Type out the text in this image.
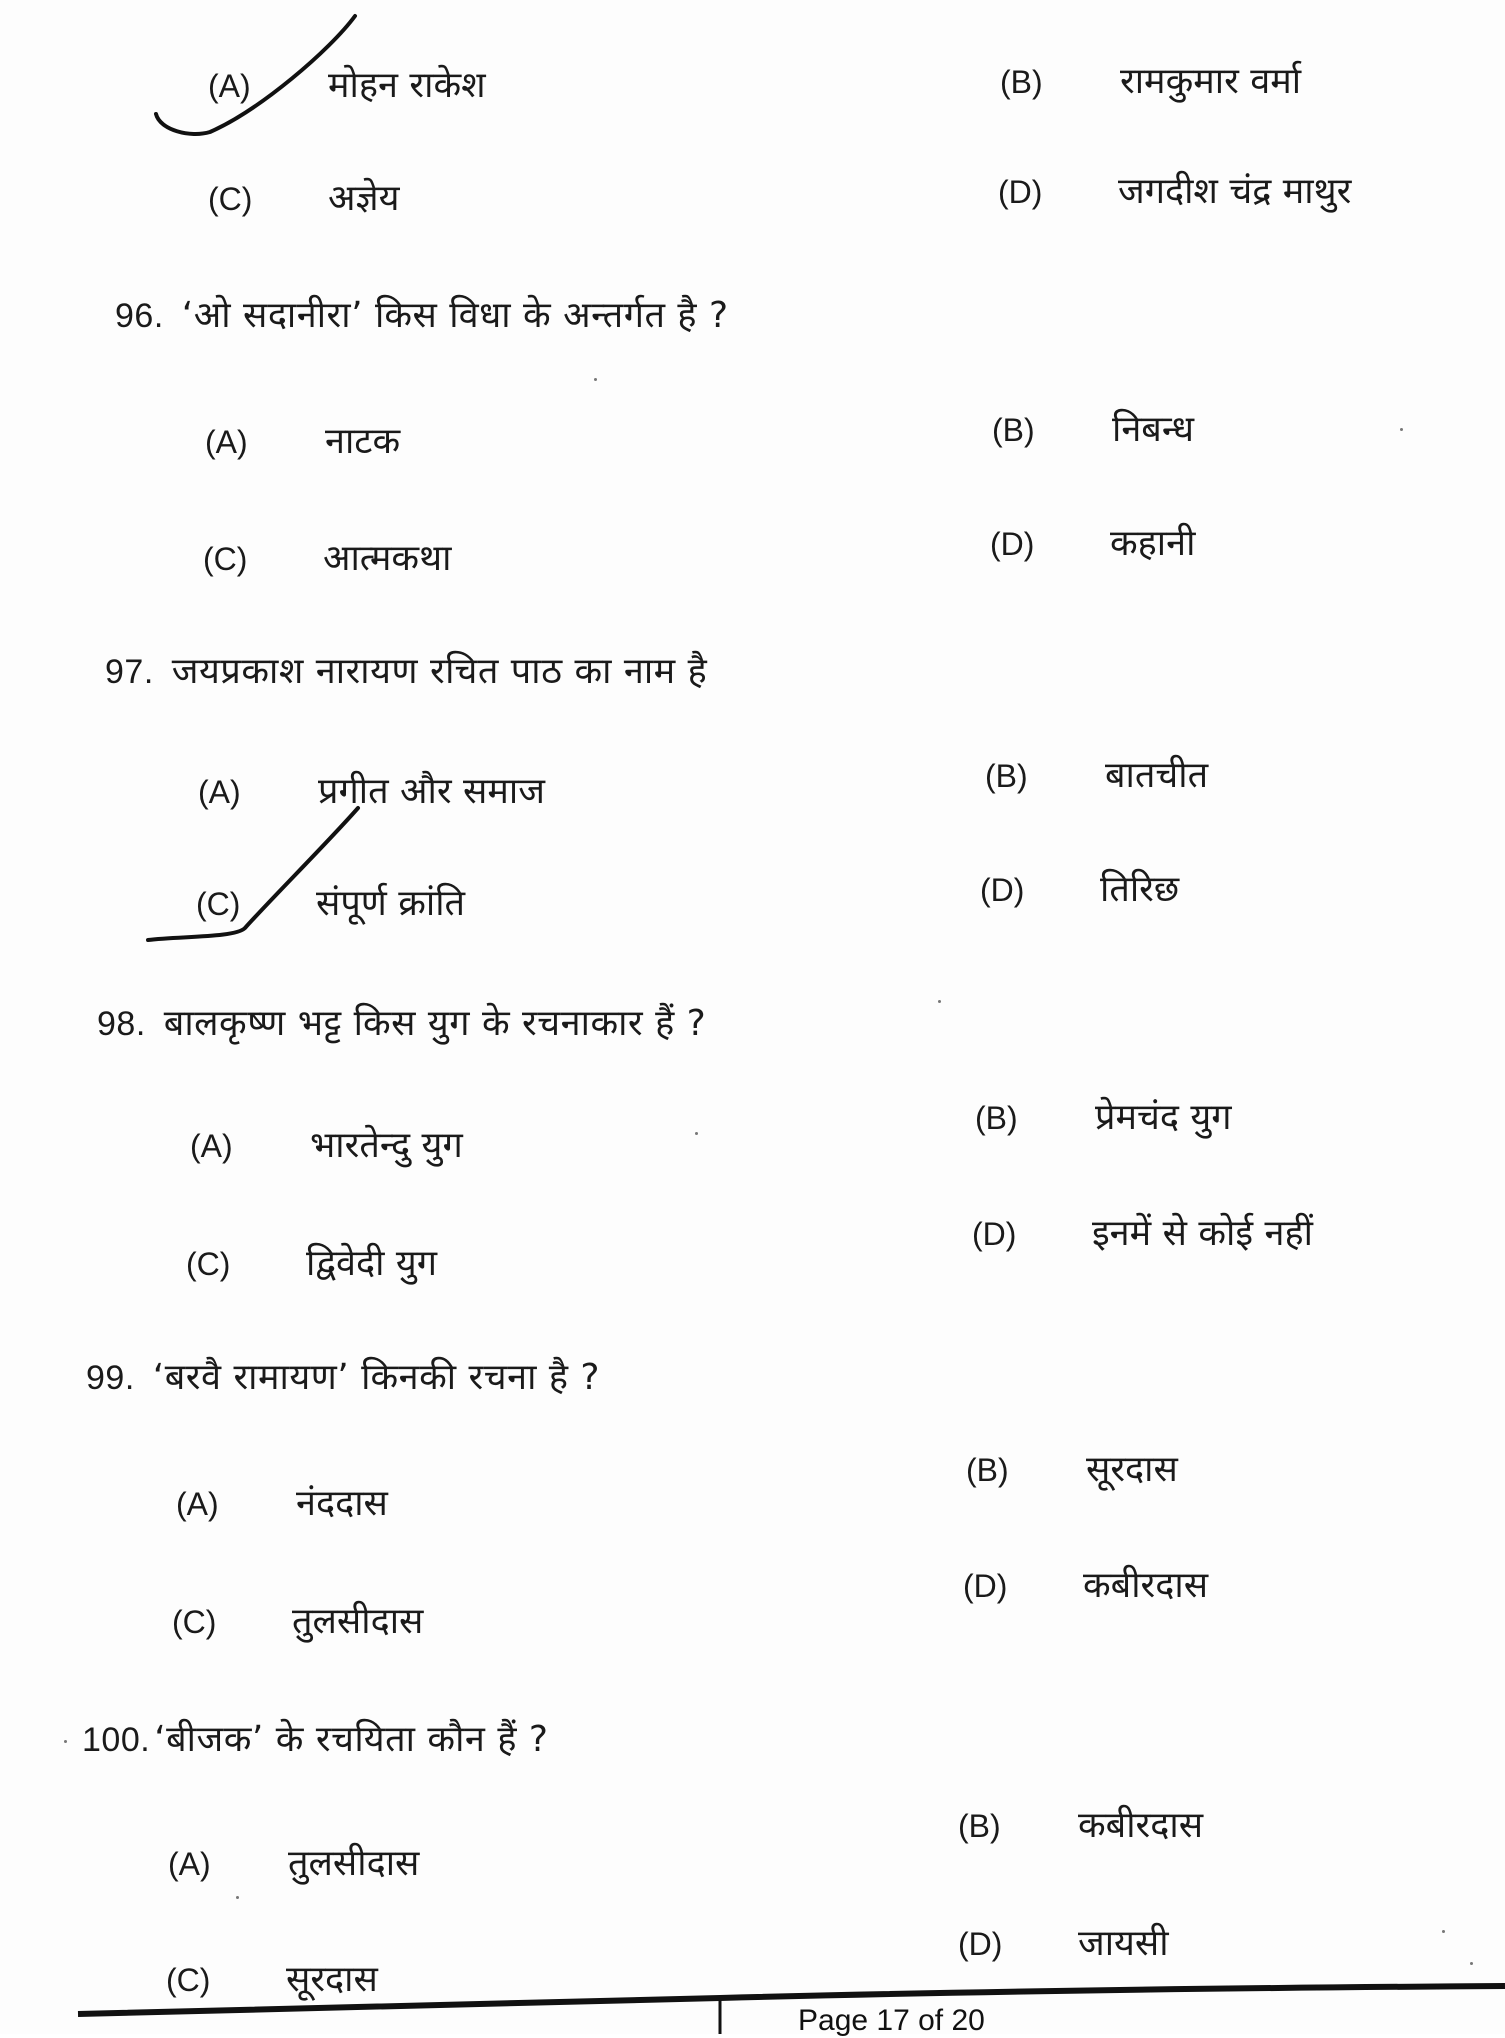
(A) मोहन राकेश	(B) रामकुमार वर्मा
(C) अज्ञेय	(D) जगदीश चंद्र माथुर
96. ‘ओ सदानीरा’ किस विधा के अन्तर्गत है ?
(A) नाटक	(B) निबन्ध
(C) आत्मकथा	(D) कहानी
97. जयप्रकाश नारायण रचित पाठ का नाम है
(A) प्रगीत और समाज	(B) बातचीत
(C) संपूर्ण क्रांति	(D) तिरिछ
98. बालकृष्ण भट्ट किस युग के रचनाकार हैं ?
(A) भारतेन्दु युग
(B) प्रेमचंद युग
(C) द्विवेदी युग
(D) इनमें से कोई नहीं
99. ‘बरवै रामायण’ किनकी रचना है ?
(A) नंददास
(B) सूरदास
(C) तुलसीदास
(D) कबीरदास
100. ‘बीजक’ के रचयिता कौन हैं ?
(A) तुलसीदास
(B) कबीरदास
(C) सूरदास
(D) जायसी
Page 17 of 20
